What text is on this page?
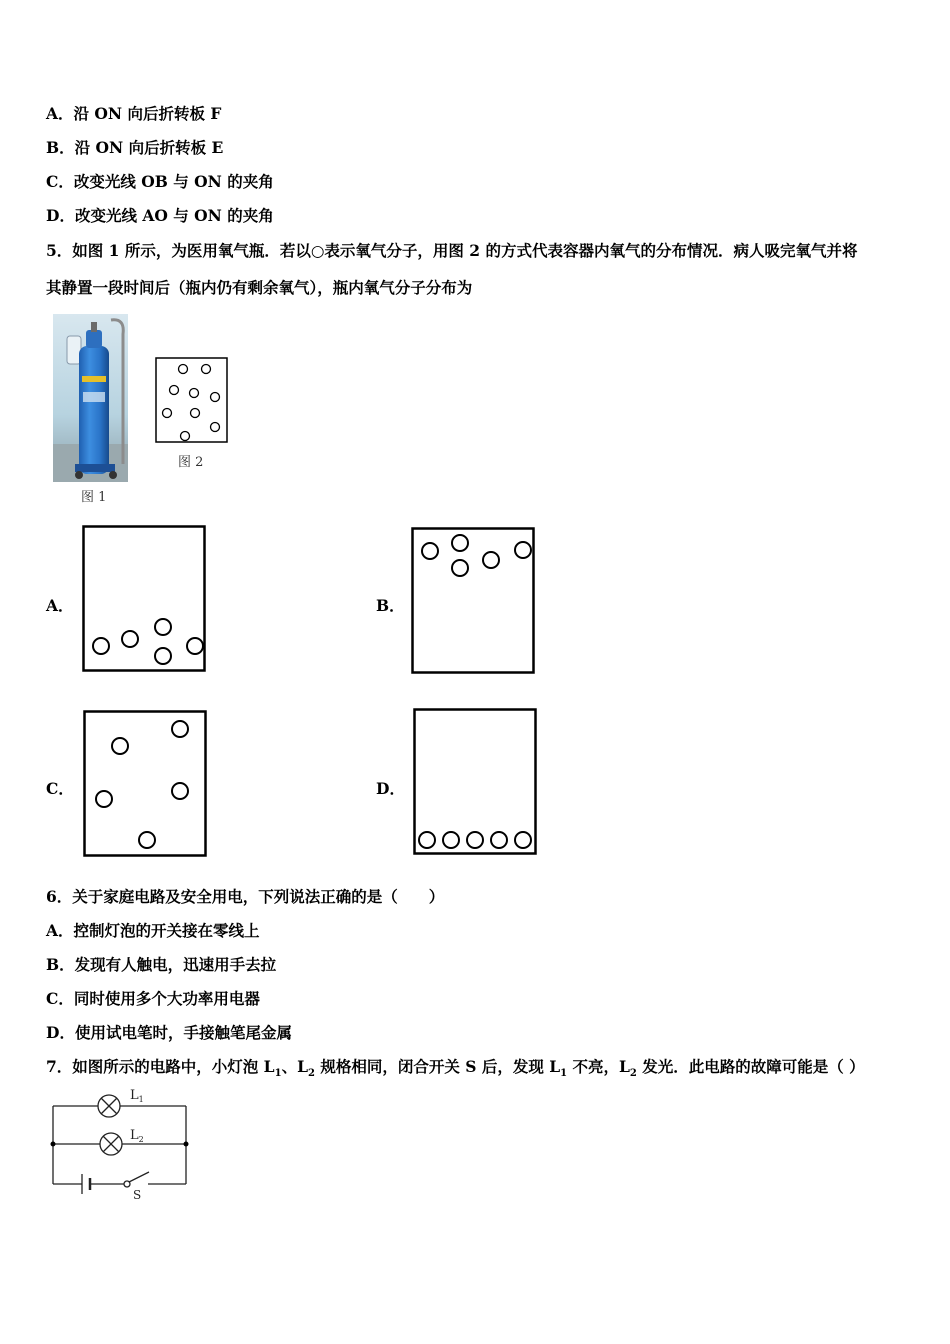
A．沿 ON 向后折转板 F
B．沿 ON 向后折转板 E
C．改变光线 OB 与 ON 的夹角
D．改变光线 AO 与 ON 的夹角
5．如图 1 所示，为医用氧气瓶．若以○表示氧气分子，用图 2 的方式代表容器内氧气的分布情况．病人吸完氧气并将
其静置一段时间后（瓶内仍有剩余氧气），瓶内氧气分子分布为
图 1
图 2
A．	B．
C．	D．
6．关于家庭电路及安全用电，下列说法正确的是（　　）
A．控制灯泡的开关接在零线上
B．发现有人触电，迅速用手去拉
C．同时使用多个大功率用电器
D．使用试电笔时，手接触笔尾金属
7．如图所示的电路中，小灯泡 $L_1$、$L_2$ 规格相同，闭合开关 S 后，发现 $L_1$ 不亮，$L_2$ 发光．此电路的故障可能是（ ）
$L_1$
$L_2$
S
